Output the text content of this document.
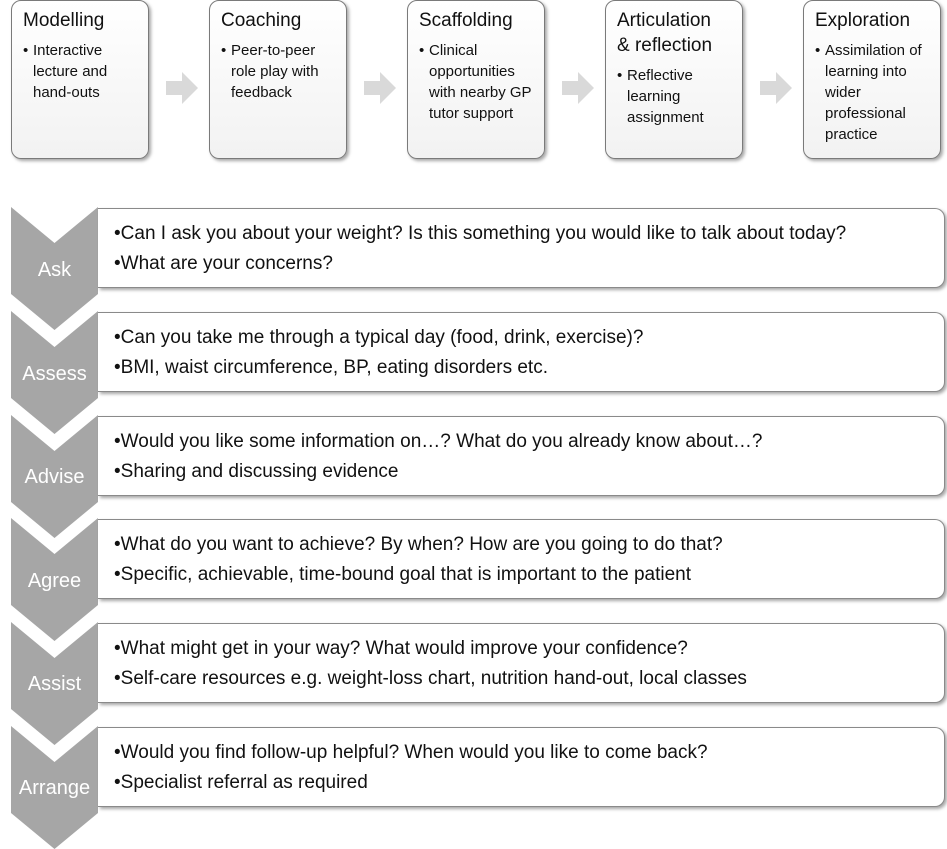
Modelling
• Interactive lecture and hand-outs
Coaching
• Peer-to-peer role play with feedback
Scaffolding
• Clinical opportunities with nearby GP tutor support
Articulation
& reflection
• Reflective learning assignment
Exploration
• Assimilation of learning into wider professional practice
Ask
• Can I ask you about your weight? Is this something you would like to talk about today?
• What are your concerns?
Assess
• Can you take me through a typical day (food, drink, exercise)?
• BMI, waist circumference, BP, eating disorders etc.
Advise
• Would you like some information on…? What do you already know about…?
• Sharing and discussing evidence
Agree
• What do you want to achieve? By when? How are you going to do that?
• Specific, achievable, time-bound goal that is important to the patient
Assist
• What might get in your way? What would improve your confidence?
• Self-care resources e.g. weight-loss chart, nutrition hand-out, local classes
Arrange
• Would you find follow-up helpful? When would you like to come back?
• Specialist referral as required
